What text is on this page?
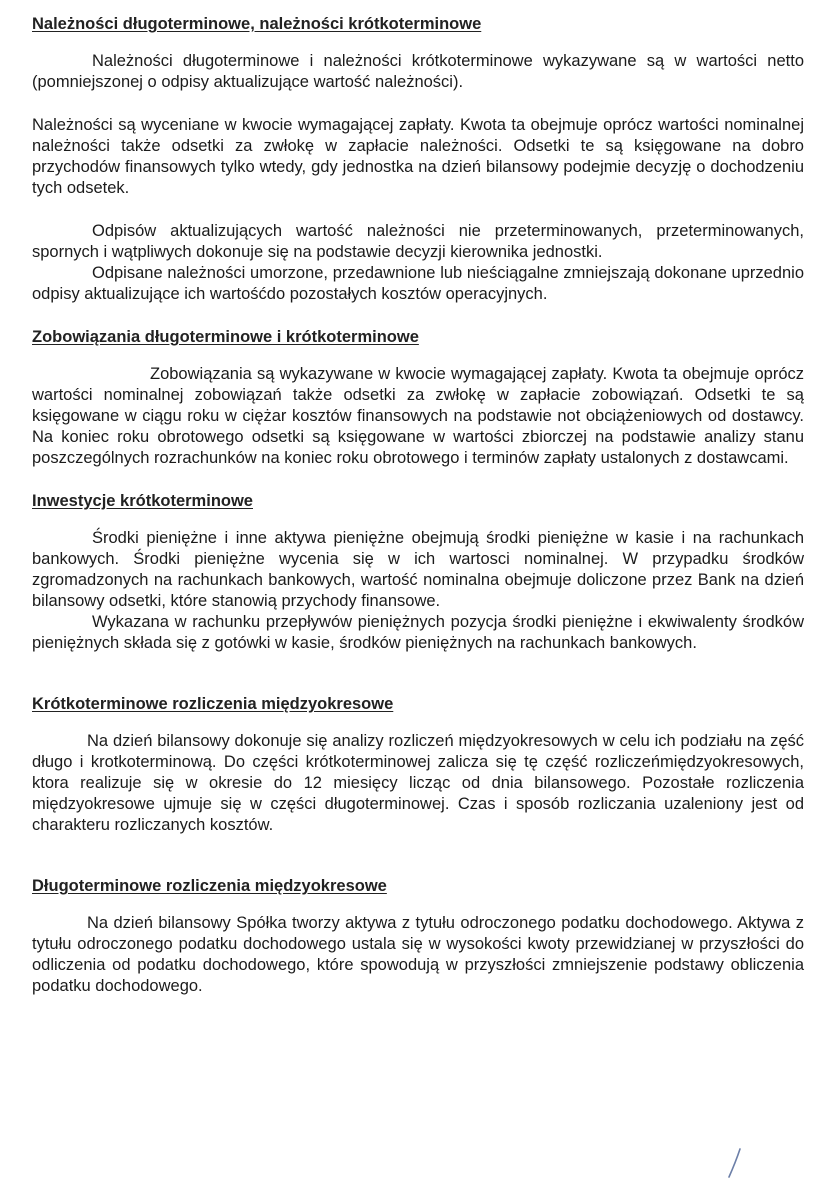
Należności długoterminowe, należności krótkoterminowe

Należności długoterminowe i należności krótkoterminowe wykazywane są w wartości netto (pomniejszonej o odpisy aktualizujące wartość należności).

Należności są wyceniane w kwocie wymagającej zapłaty. Kwota ta obejmuje oprócz wartości nominalnej należności także odsetki za zwłokę w zapłacie należności. Odsetki te są księgowane na dobro przychodów finansowych tylko wtedy, gdy jednostka na dzień bilansowy podejmie decyzję o dochodzeniu tych odsetek.

Odpisów aktualizujących wartość należności nie przeterminowanych, przeterminowanych, spornych i wątpliwych dokonuje się na podstawie decyzji kierownika jednostki.

Odpisane należności umorzone, przedawnione lub nieściągalne zmniejszają dokonane uprzednio odpisy aktualizujące ich wartośćdo pozostałych kosztów operacyjnych.

Zobowiązania długoterminowe i krótkoterminowe

Zobowiązania są wykazywane w kwocie wymagającej zapłaty. Kwota ta obejmuje oprócz wartości nominalnej zobowiązań także odsetki za zwłokę w zapłacie zobowiązań. Odsetki te są księgowane w ciągu roku w ciężar kosztów finansowych na podstawie not obciążeniowych od dostawcy. Na koniec roku obrotowego odsetki są księgowane w wartości zbiorczej na podstawie analizy stanu poszczególnych rozrachunków na koniec roku obrotowego i terminów zapłaty ustalonych z dostawcami.

Inwestycje krótkoterminowe

Środki pieniężne i inne aktywa pieniężne obejmują środki pieniężne w kasie i na rachunkach bankowych. Środki pieniężne wycenia się w ich wartosci nominalnej. W przypadku środków zgromadzonych na rachunkach bankowych, wartość nominalna obejmuje doliczone przez Bank na dzień bilansowy odsetki, które stanowią przychody finansowe.

Wykazana w rachunku przepływów pieniężnych pozycja środki pieniężne i ekwiwalenty środków pieniężnych składa się z gotówki w kasie, środków pieniężnych na rachunkach bankowych.

Krótkoterminowe rozliczenia międzyokresowe

Na dzień bilansowy dokonuje się analizy rozliczeń międzyokresowych w celu ich podziału na zęść długo i krotkoterminową. Do części krótkoterminowej zalicza się tę część rozliczeńmiędzyokresowych, ktora realizuje się w okresie do 12 miesięcy licząc od dnia bilansowego. Pozostałe rozliczenia międzyokresowe ujmuje się w części długoterminowej. Czas i sposób rozliczania uzaleniony jest od charakteru rozliczanych kosztów.

Długoterminowe rozliczenia międzyokresowe

Na dzień bilansowy Spółka tworzy aktywa z tytułu odroczonego podatku dochodowego. Aktywa z tytułu odroczonego podatku dochodowego ustala się w wysokości kwoty przewidzianej w przyszłości do odliczenia od podatku dochodowego, które spowodują w przyszłości zmniejszenie podstawy obliczenia podatku dochodowego.
